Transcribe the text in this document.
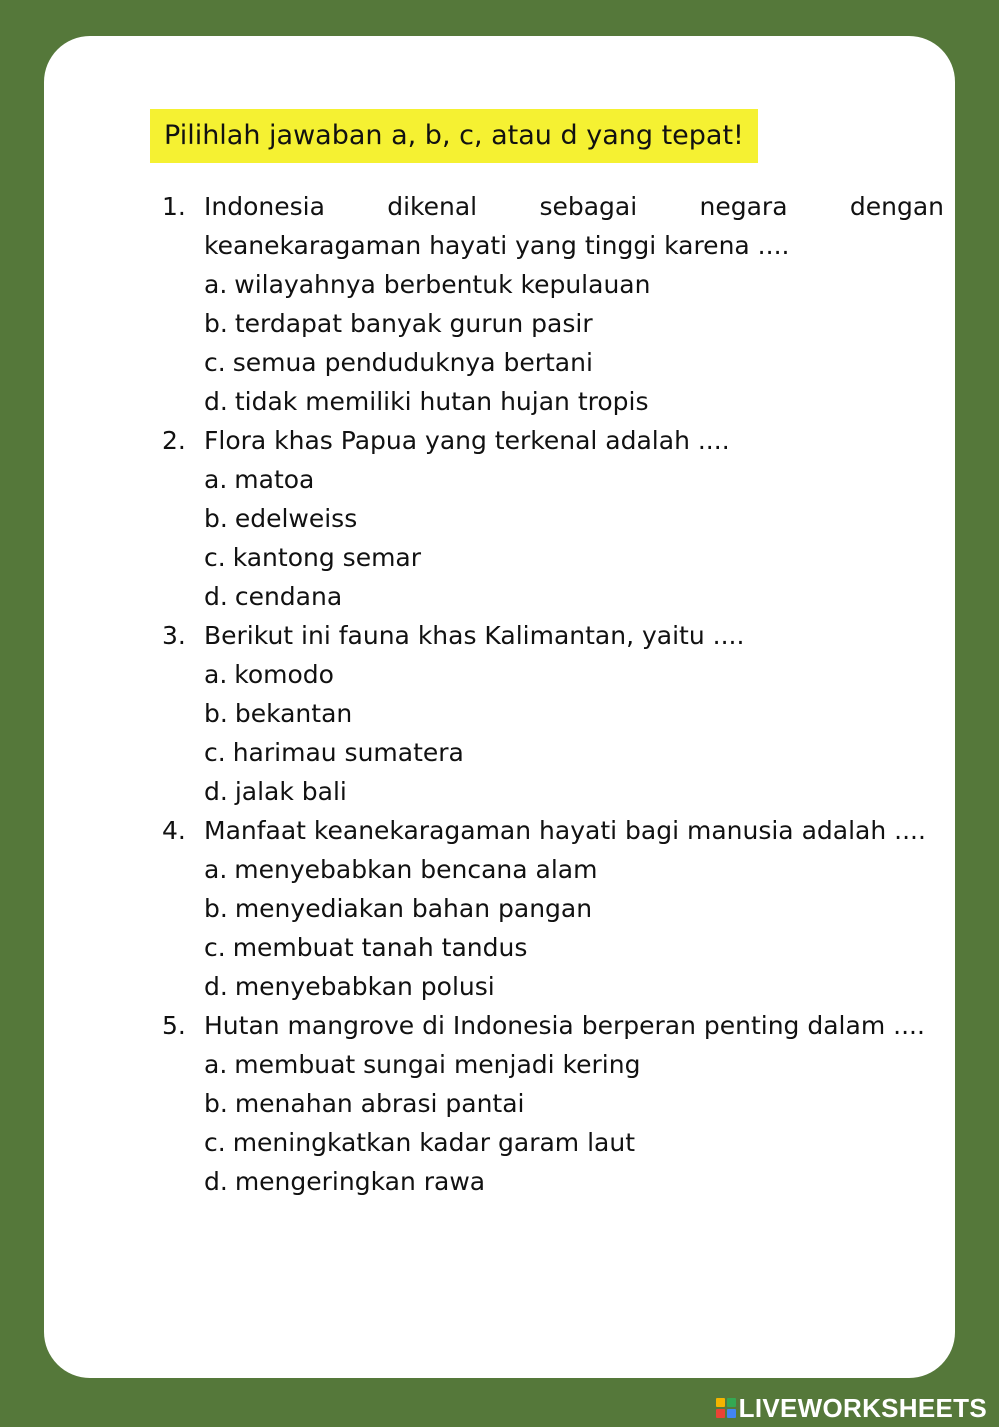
Pilihlah jawaban a, b, c, atau d yang tepat!
1. Indonesia dikenal sebagai negara dengan keanekaragaman hayati yang tinggi karena ....
a. wilayahnya berbentuk kepulauan
b. terdapat banyak gurun pasir
c. semua penduduknya bertani
d. tidak memiliki hutan hujan tropis
2. Flora khas Papua yang terkenal adalah ....
a. matoa
b. edelweiss
c. kantong semar
d. cendana
3. Berikut ini fauna khas Kalimantan, yaitu ....
a. komodo
b. bekantan
c. harimau sumatera
d. jalak bali
4. Manfaat keanekaragaman hayati bagi manusia adalah ....
a. menyebabkan bencana alam
b. menyediakan bahan pangan
c. membuat tanah tandus
d. menyebabkan polusi
5. Hutan mangrove di Indonesia berperan penting dalam ....
a. membuat sungai menjadi kering
b. menahan abrasi pantai
c. meningkatkan kadar garam laut
d. mengeringkan rawa
LIVEWORKSHEETS
